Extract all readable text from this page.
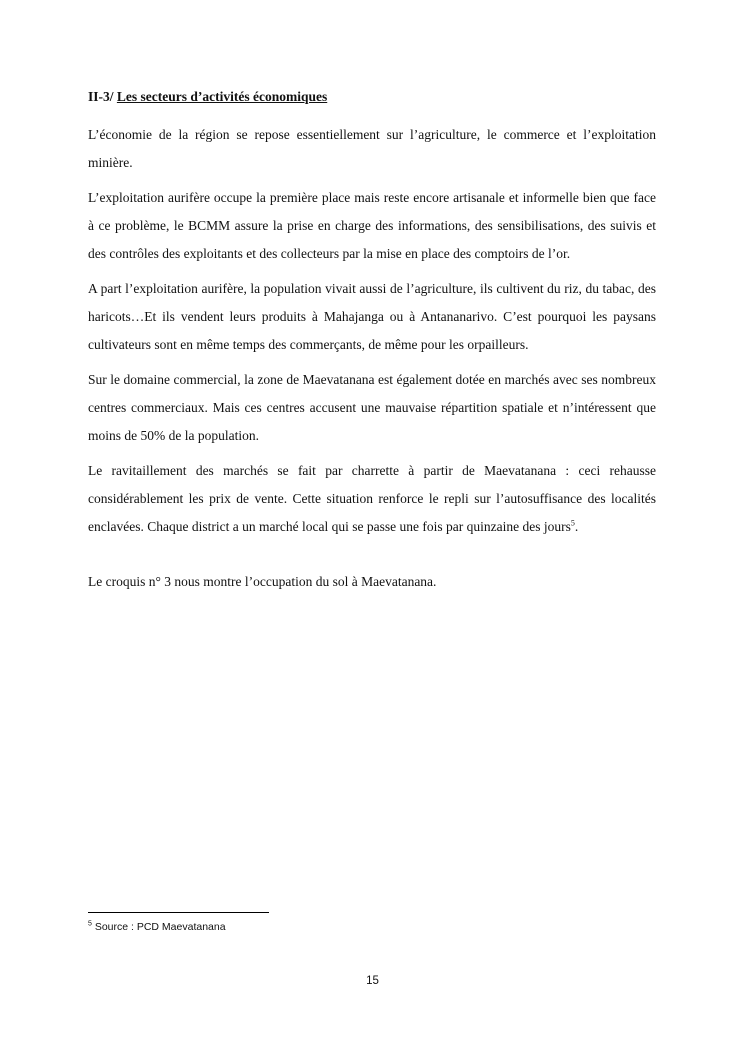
II-3/ Les secteurs d’activités économiques

L’économie de la région se repose essentiellement sur l’agriculture, le commerce et l’exploitation minière.

L’exploitation aurifère occupe la première place mais reste encore artisanale et informelle bien que face à ce problème, le BCMM assure la prise en charge des informations, des sensibilisations, des suivis et des contrôles des exploitants et des collecteurs par la mise en place des comptoirs de l’or.

A part l’exploitation aurifère, la population vivait aussi de l’agriculture, ils cultivent du riz, du tabac, des haricots…Et ils vendent leurs produits à Mahajanga ou à Antananarivo. C’est pourquoi les paysans cultivateurs sont en même temps des commerçants, de même pour les orpailleurs.

Sur le domaine commercial, la zone de Maevatanana est également dotée en marchés avec ses nombreux centres commerciaux. Mais ces centres accusent une mauvaise répartition spatiale et n’intéressent que moins de 50% de la population.

Le ravitaillement des marchés se fait par charrette à partir de Maevatanana : ceci rehausse considérablement les prix de vente. Cette situation renforce le repli sur l’autosuffisance des localités enclavées. Chaque district a un marché local qui se passe une fois par quinzaine des jours$^5$.

Le croquis n° 3 nous montre l’occupation du sol à Maevatanana.

$^5$ Source : PCD Maevatanana
15
